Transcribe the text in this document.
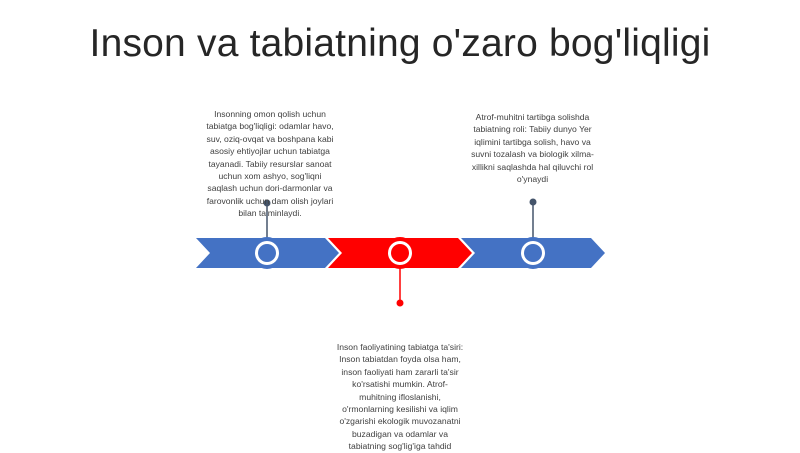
Inson va tabiatning o'zaro bog'liqligi
Insonning omon qolish uchun
tabiatga bog'liqligi: odamlar havo,
suv, oziq-ovqat va boshpana kabi
asosiy ehtiyojlar uchun tabiatga
tayanadi. Tabiiy resurslar sanoat
uchun xom ashyo, sog'liqni
saqlash uchun dori-darmonlar va
farovonlik uchun dam olish joylari
bilan ta'minlaydi.
Inson faoliyatining tabiatga ta'siri:
Inson tabiatdan foyda olsa ham,
inson faoliyati ham zararli ta'sir
ko'rsatishi mumkin. Atrof-
muhitning ifloslanishi,
o'rmonlarning kesilishi va iqlim
o'zgarishi ekologik muvozanatni
buzadigan va odamlar va
tabiatning sog'lig'iga tahdid
Atrof-muhitni tartibga solishda
tabiatning roli: Tabiiy dunyo Yer
iqlimini tartibga solish, havo va
suvni tozalash va biologik xilma-
xillikni saqlashda hal qiluvchi rol
o'ynaydi
